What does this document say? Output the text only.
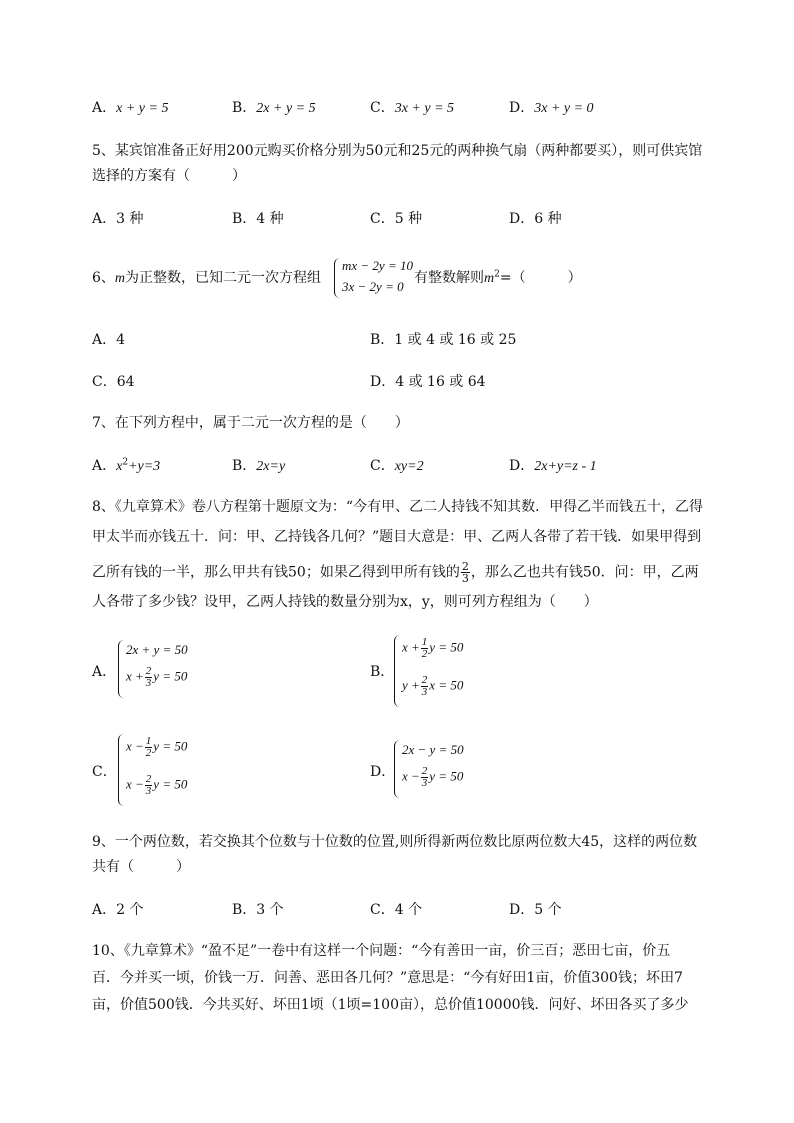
A．x + y = 5	B．2x + y = 5	C．3x + y = 5	D．3x + y = 0
5、某宾馆准备正好用200元购买价格分别为50元和25元的两种换气扇（两种都要买），则可供宾馆
选择的方案有（　　　）
A．3 种	B．4 种	C．5 种	D．6 种
6、m为正整数，已知二元一次方程组
mx − 2y = 10
3x − 2y = 0
有整数解则$m^2=$（　　　）
A．4	B．1 或 4 或 16 或 25
C．64	D．4 或 16 或 64
7、在下列方程中，属于二元一次方程的是（　　）
A．$x^2+y=3$	B．2x=y	C．xy=2	D．2x+y=z - 1
8、《九章算术》卷八方程第十题原文为：“今有甲、乙二人持钱不知其数．甲得乙半而钱五十，乙得
甲太半而亦钱五十．问：甲、乙持钱各几何？”题目大意是：甲、乙两人各带了若干钱．如果甲得到
乙所有钱的一半，那么甲共有钱50；如果乙得到甲所有钱的 $\frac{2}{3}$ ，那么乙也共有钱50．问：甲，乙两
人各带了多少钱？设甲，乙两人持钱的数量分别为x，y，则可列方程组为（　　）
A．
2x + y = 50
$x + \frac{2}{3}$ y = 50	B．
$x + \frac{1}{2}$ y = 50
$y + \frac{2}{3}$ x = 50
C．
$x - \frac{1}{2}$ y = 50
$x - \frac{2}{3}$ y = 50
D．
2x − y = 50
$x - \frac{2}{3}$ y = 50
9、一个两位数，若交换其个位数与十位数的位置,则所得新两位数比原两位数大45，这样的两位数
共有（　　　）
A．2 个	B．3 个	C．4 个	D．5 个
10、《九章算术》“盈不足”一卷中有这样一个问题：“今有善田一亩，价三百；恶田七亩，价五
百．今并买一顷，价钱一万．问善、恶田各几何？”意思是：“今有好田1亩，价值300钱；坏田7
亩，价值500钱．今共买好、坏田1顷（1顷=100亩），总价值10000钱．问好、坏田各买了多少
